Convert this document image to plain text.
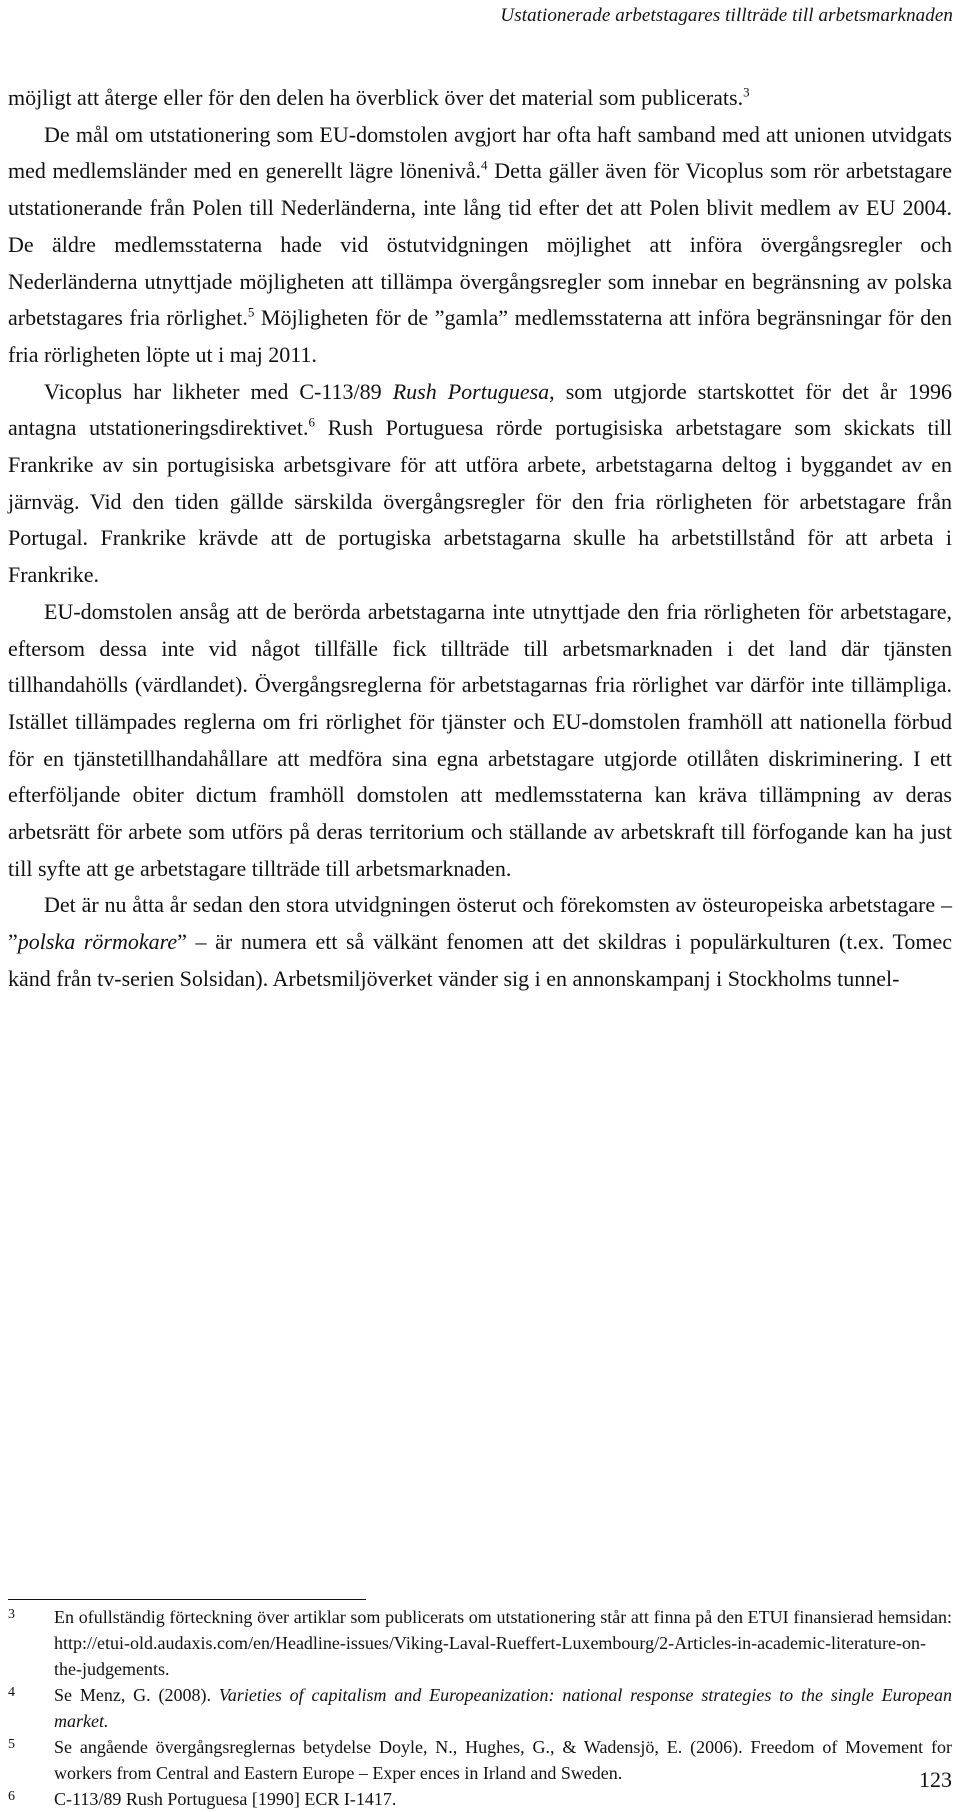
Ustationerade arbetstagares tillträde till arbetsmarknaden

möjligt att återge eller för den delen ha överblick över det material som publicerats.$^3$

De mål om utstationering som EU-domstolen avgjort har ofta haft samband med att unionen utvidgats med medlemsländer med en generellt lägre lönenivå.$^4$ Detta gäller även för Vicoplus som rör arbetstagare utstationerande från Polen till Nederländerna, inte lång tid efter det att Polen blivit medlem av EU 2004. De äldre medlemsstaterna hade vid östutvidgningen möjlighet att införa övergångsregler och Nederländerna utnyttjade möjligheten att tillämpa övergångsregler som innebar en begränsning av polska arbetstagares fria rörlighet.$^5$ Möjligheten för de ”gamla” medlemsstaterna att införa begränsningar för den fria rörligheten löpte ut i maj 2011.

Vicoplus har likheter med C-113/89 Rush Portuguesa, som utgjorde startskottet för det år 1996 antagna utstationeringsdirektivet.$^6$ Rush Portuguesa rörde portugisiska arbetstagare som skickats till Frankrike av sin portugisiska arbetsgivare för att utföra arbete, arbetstagarna deltog i byggandet av en järnväg. Vid den tiden gällde särskilda övergångsregler för den fria rörligheten för arbetstagare från Portugal. Frankrike krävde att de portugiska arbetstagarna skulle ha arbetstillstånd för att arbeta i Frankrike.

EU-domstolen ansåg att de berörda arbetstagarna inte utnyttjade den fria rörligheten för arbetstagare, eftersom dessa inte vid något tillfälle fick tillträde till arbetsmarknaden i det land där tjänsten tillhandahölls (värdlandet). Övergångsreglerna för arbetstagarnas fria rörlighet var därför inte tillämpliga. Istället tillämpades reglerna om fri rörlighet för tjänster och EU-domstolen framhöll att nationella förbud för en tjänstetillhandahållare att medföra sina egna arbetstagare utgjorde otillåten diskriminering. I ett efterföljande obiter dictum framhöll domstolen att medlemsstaterna kan kräva tillämpning av deras arbetsrätt för arbete som utförs på deras territorium och ställande av arbetskraft till förfogande kan ha just till syfte att ge arbetstagare tillträde till arbetsmarknaden.

Det är nu åtta år sedan den stora utvidgningen österut och förekomsten av östeuropeiska arbetstagare – ”polska rörmokare” – är numera ett så välkänt fenomen att det skildras i populärkulturen (t.ex. Tomec känd från tv-serien Solsidan). Arbetsmiljöverket vänder sig i en annonskampanj i Stockholms tunnel-

3	En ofullständig förteckning över artiklar som publicerats om utstationering står att finna på den ETUI finansierad hemsidan: http://etui-old.audaxis.com/en/Headline-issues/Viking-Laval-Rueffert-Luxembourg/2-Articles-in-academic-literature-on-the-judgements.
4	Se Menz, G. (2008). Varieties of capitalism and Europeanization: national response strategies to the single European market.
5	Se angående övergångsreglernas betydelse Doyle, N., Hughes, G., & Wadensjö, E. (2006). Freedom of Movement for workers from Central and Eastern Europe – Exper ences in Irland and Sweden.
6	C-113/89 Rush Portuguesa [1990] ECR I-1417.
123
